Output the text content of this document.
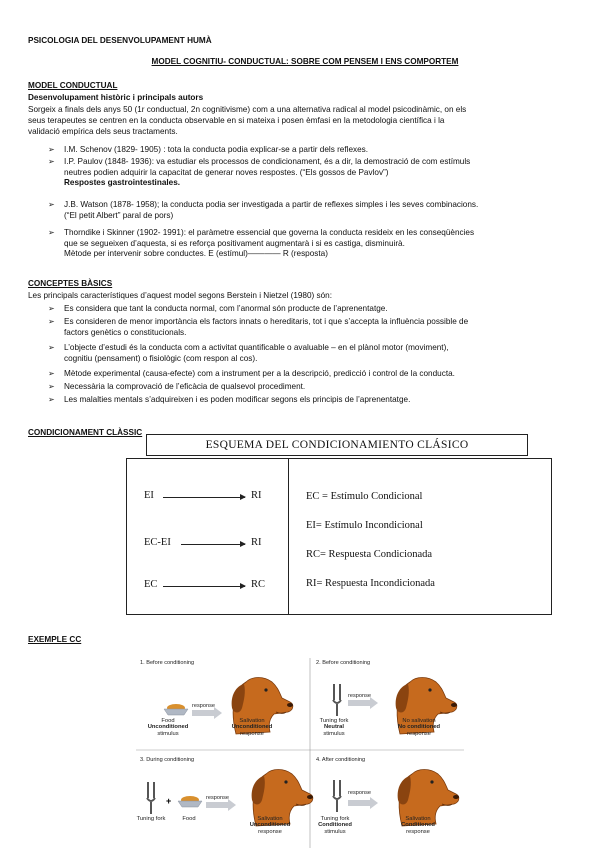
PSICOLOGIA DEL DESENVOLUPAMENT HUMÀ
MODEL COGNITIU- CONDUCTUAL: SOBRE COM PENSEM I ENS COMPORTEM
MODEL CONDUCTUAL
Desenvolupament històric i principals autors
Sorgeix a finals dels anys 50 (1r conductual, 2n cognitivisme) com a una alternativa radical al model psicodinàmic, on els
seus terapeutes se centren en la conducta observable en si mateixa i posen èmfasi en la metodologia científica i la
validació empírica dels seus tractaments.
➢ I.M. Schenov (1829- 1905) : tota la conducta podia explicar-se a partir dels reflexes.
➢ I.P. Paulov (1848- 1936): va estudiar els processos de condicionament, és a dir, la demostració de com estímuls
neutres podien adquirir la capacitat de generar noves respostes. (“Els gossos de Pavlov”)
Respostes gastrointestinales.
➢ J.B. Watson (1878- 1958); la conducta podia ser investigada a partir de reflexes simples i les seves combinacions.
(“El petit Albert” paral de pors)
➢ Thorndike i Skinner (1902- 1991): el paràmetre essencial que governa la conducta resideix en les conseqüències
que se segueixen d’aquesta, si es reforça positivament augmentarà i si es castiga, disminuirà.
Mètode per intervenir sobre conductes. E (estímul)———— R (resposta)
CONCEPTES BÀSICS
Les principals característiques d’aquest model segons Berstein i Nietzel (1980) són:
➢ Es considera que tant la conducta normal, com l’anormal són producte de l’aprenentatge.
➢ Es consideren de menor importància els factors innats o hereditaris, tot i que s’accepta la influència possible de
factors genètics o constitucionals.
➢ L’objecte d’estudi és la conducta com a activitat quantificable o avaluable – en el plànol motor (moviment),
cognitiu (pensament) o fisiològic (com respon al cos).
➢ Mètode experimental (causa-efecte) com a instrument per a la descripció, predicció i control de la conducta.
➢ Necessària la comprovació de l’eficàcia de qualsevol procediment.
➢ Les malalties mentals s’adquireixen i es poden modificar segons els principis de l’aprenentatge.
CONDICIONAMENT CLÀSSIC
ESQUEMA DEL CONDICIONAMIENTO CLÁSICO
EI	RI
EC-EI	RI
EC	RC
EC = Estímulo Condicional
EI= Estímulo Incondicional
RC= Respuesta Condicionada
RI= Respuesta Incondicionada
EXEMPLE CC
+
1. Before conditioning	2. Before conditioning
3. During conditioning	4. After conditioning
response
response
response
response
Food
Unconditioned
stimulus
Salivation
Unconditioned
response
Tuning fork
Neutral
stimulus
No salivation
No conditioned
response
Tuning fork	Food	Salivation
Unconditioned
response
Tuning fork
Conditioned
stimulus
Salivation
Conditioned
response
